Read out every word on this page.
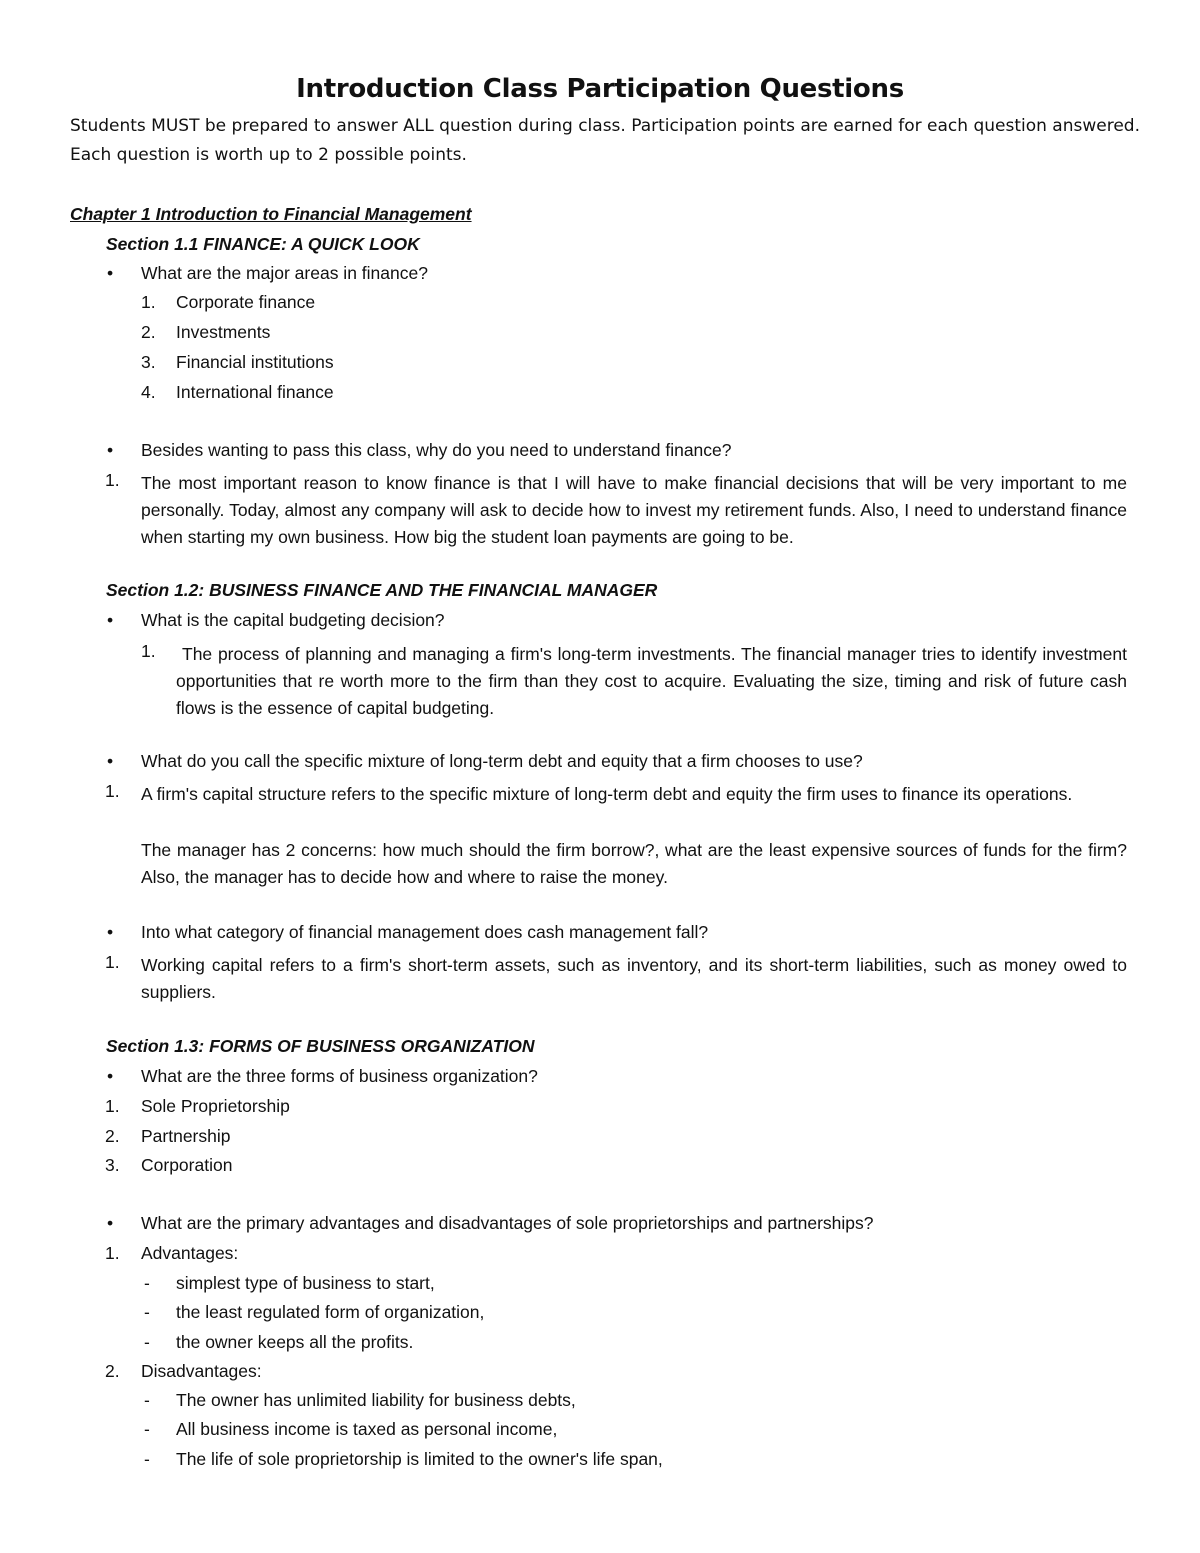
Introduction Class Participation Questions
Students MUST be prepared to answer ALL question during class. Participation points are earned for each question answered. Each question is worth up to 2 possible points.
Chapter 1 Introduction to Financial Management
Section 1.1 FINANCE: A QUICK LOOK
• What are the major areas in finance?
1. Corporate finance
2. Investments
3. Financial institutions
4. International finance
• Besides wanting to pass this class, why do you need to understand finance?
1. The most important reason to know finance is that I will have to make financial decisions that will be very important to me personally. Today, almost any company will ask to decide how to invest my retirement funds. Also, I need to understand finance when starting my own business. How big the student loan payments are going to be.
Section 1.2: BUSINESS FINANCE AND THE FINANCIAL MANAGER
• What is the capital budgeting decision?
1.	The process of planning and managing a firm's long-term investments. The financial manager tries to identify investment opportunities that re worth more to the firm than they cost to acquire. Evaluating the size, timing and risk of future cash flows is the essence of capital budgeting.
• What do you call the specific mixture of long-term debt and equity that a firm chooses to use?
1. A firm's capital structure refers to the specific mixture of long-term debt and equity the firm uses to finance its operations.
The manager has 2 concerns: how much should the firm borrow?, what are the least expensive sources of funds for the firm? Also, the manager has to decide how and where to raise the money.
• Into what category of financial management does cash management fall?
1. Working capital refers to a firm's short-term assets, such as inventory, and its short-term liabilities, such as money owed to suppliers.
Section 1.3: FORMS OF BUSINESS ORGANIZATION
• What are the three forms of business organization?
1. Sole Proprietorship
2. Partnership
3. Corporation
• What are the primary advantages and disadvantages of sole proprietorships and partnerships?
1. Advantages:
- simplest type of business to start,
- the least regulated form of organization,
- the owner keeps all the profits.
2. Disadvantages:
- The owner has unlimited liability for business debts,
- All business income is taxed as personal income,
- The life of sole proprietorship is limited to the owner's life span,
